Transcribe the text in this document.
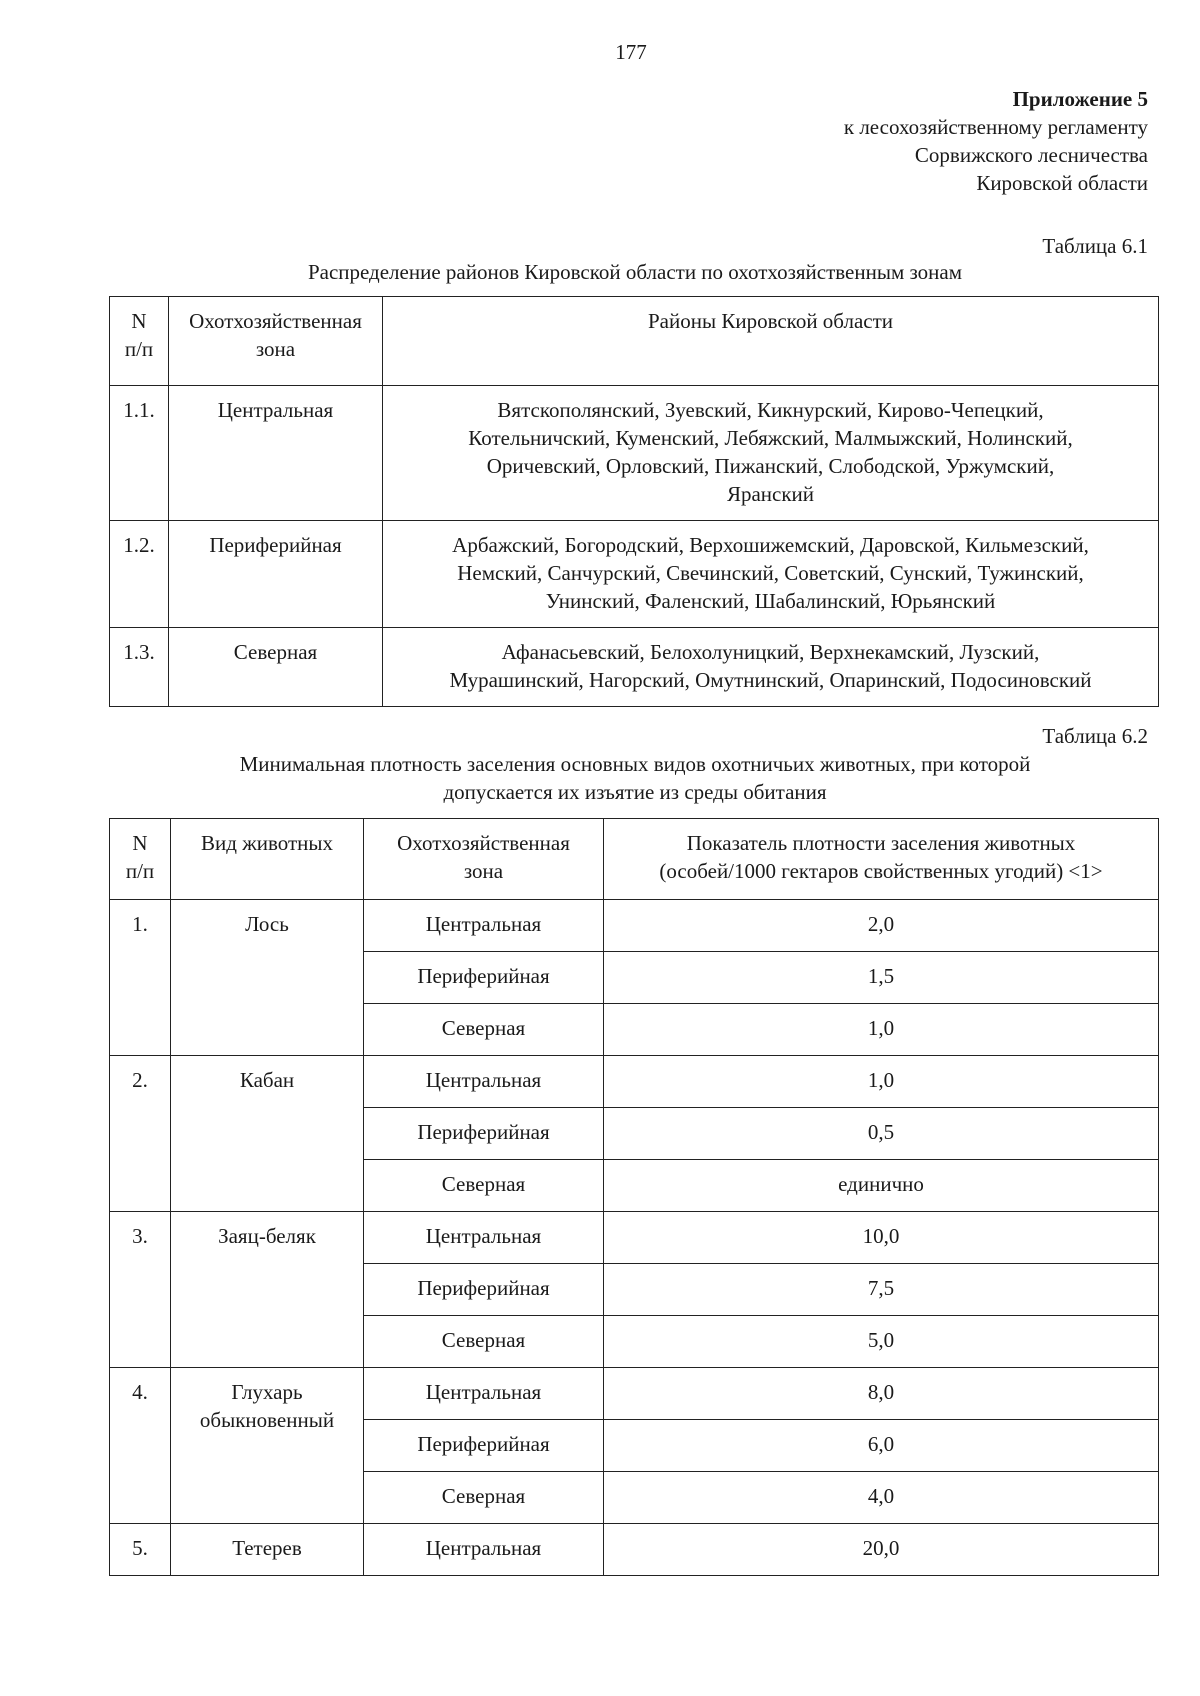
177
Приложение 5
к лесохозяйственному регламенту
Сорвижского лесничества
Кировской области
Таблица 6.1
Распределение районов Кировской области по охотхозяйственным зонам
N
п/п	Охотхозяйственная
зона	Районы Кировской области

1.1.	Центральная	Вятскополянский, Зуевский, Кикнурский, Кирово-Чепецкий,
Котельничский, Куменский, Лебяжский, Малмыжский, Нолинский,
Оричевский, Орловский, Пижанский, Слободской, Уржумский,
Яранский

1.2.	Периферийная	Арбажский, Богородский, Верхошижемский, Даровской, Кильмезский,
Немский, Санчурский, Свечинский, Советский, Сунский, Тужинский,
Унинский, Фаленский, Шабалинский, Юрьянский

1.3.	Северная	Афанасьевский, Белохолуницкий, Верхнекамский, Лузский,
Мурашинский, Нагорский, Омутнинский, Опаринский, Подосиновский
Таблица 6.2
Минимальная плотность заселения основных видов охотничьих животных, при которой
допускается их изъятие из среды обитания
N
п/п	Вид животных	Охотхозяйственная
зона	Показатель плотности заселения животных
(особей/1000 гектаров свойственных угодий) <1>

1.	Лось	Центральная	2,0
		Периферийная	1,5
		Северная	1,0
2.	Кабан	Центральная	1,0
		Периферийная	0,5
		Северная	единично
3.	Заяц-беляк	Центральная	10,0
		Периферийная	7,5
		Северная	5,0
4.	Глухарь
обыкновенный	Центральная	8,0
		Периферийная	6,0
		Северная	4,0
5.	Тетерев	Центральная	20,0
